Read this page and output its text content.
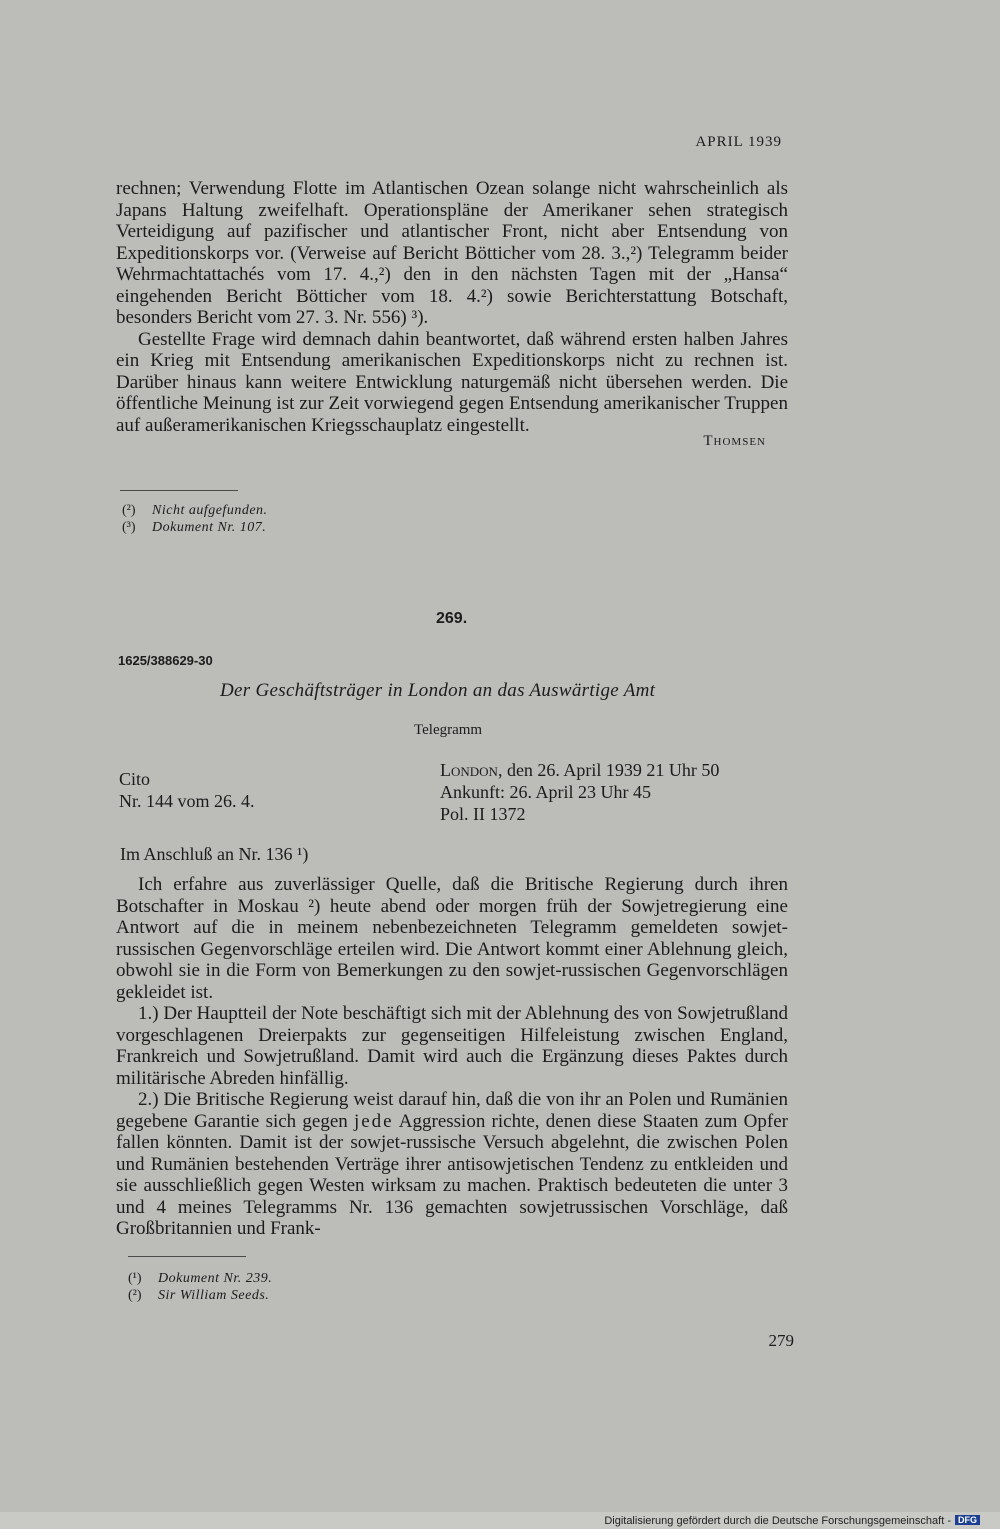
APRIL 1939

rechnen; Verwendung Flotte im Atlantischen Ozean solange nicht wahrscheinlich als Japans Haltung zweifelhaft. Operationspläne der Amerikaner sehen strategisch Verteidigung auf pazifischer und atlantischer Front, nicht aber Entsendung von Expeditionskorps vor. (Verweise auf Bericht Bötticher vom 28. 3.,²) Telegramm beider Wehrmachtattachés vom 17. 4.,²) den in den nächsten Tagen mit der „Hansa“ eingehenden Bericht Bötticher vom 18. 4.²) sowie Berichterstattung Botschaft, besonders Bericht vom 27. 3. Nr. 556) ³).

Gestellte Frage wird demnach dahin beantwortet, daß während ersten halben Jahres ein Krieg mit Entsendung amerikanischen Expeditionskorps nicht zu rechnen ist. Darüber hinaus kann weitere Entwicklung naturgemäß nicht übersehen werden. Die öffentliche Meinung ist zur Zeit vorwiegend gegen Entsendung amerikanischer Truppen auf außeramerikanischen Kriegsschauplatz eingestellt.

Thomsen
(²) Nicht aufgefunden.
(³) Dokument Nr. 107.
269.
1625/388629-30
Der Geschäftsträger in London an das Auswärtige Amt
Telegramm
Cito
Nr. 144 vom 26. 4.
London, den 26. April 1939 21 Uhr 50
Ankunft: 26. April 23 Uhr 45
Pol. II 1372
Im Anschluß an Nr. 136 ¹)

Ich erfahre aus zuverlässiger Quelle, daß die Britische Regierung durch ihren Botschafter in Moskau ²) heute abend oder morgen früh der Sowjetregierung eine Antwort auf die in meinem nebenbezeichneten Telegramm gemeldeten sowjet-russischen Gegenvorschläge erteilen wird. Die Antwort kommt einer Ablehnung gleich, obwohl sie in die Form von Bemerkungen zu den sowjet-russischen Gegenvorschlägen gekleidet ist.

1.) Der Hauptteil der Note beschäftigt sich mit der Ablehnung des von Sowjetrußland vorgeschlagenen Dreierpakts zur gegenseitigen Hilfeleistung zwischen England, Frankreich und Sowjetrußland. Damit wird auch die Ergänzung dieses Paktes durch militärische Abreden hinfällig.

2.) Die Britische Regierung weist darauf hin, daß die von ihr an Polen und Rumänien gegebene Garantie sich gegen jede Aggression richte, denen diese Staaten zum Opfer fallen könnten. Damit ist der sowjet-russische Versuch abgelehnt, die zwischen Polen und Rumänien bestehenden Verträge ihrer antisowjetischen Tendenz zu entkleiden und sie ausschließlich gegen Westen wirksam zu machen. Praktisch bedeuteten die unter 3 und 4 meines Telegramms Nr. 136 gemachten sowjetrussischen Vorschläge, daß Großbritannien und Frank-

(¹) Dokument Nr. 239.
(²) Sir William Seeds.
279
Digitalisierung gefördert durch die Deutsche Forschungsgemeinschaft - DFG
